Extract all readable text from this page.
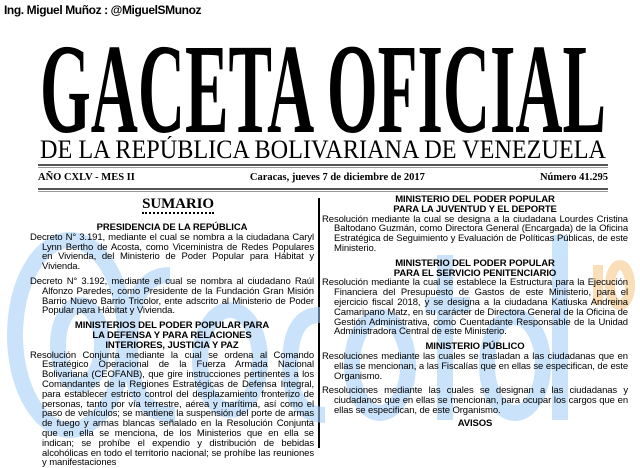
Ing. Miguel Muñoz : @MiguelSMunoz
GACETA OFICIAL
DE LA REPÚBLICA BOLIVARIANA DE VENEZUELA
AÑO CXLV - MES II	Caracas, jueves 7 de diciembre de 2017	Número 41.295
SUMARIO
PRESIDENCIA DE LA REPÚBLICA

Decreto N° 3.191, mediante el cual se nombra a la ciudadana Caryl Lynn Bertho de Acosta, como Viceministra de Redes Populares en Vivienda, del Ministerio de Poder Popular para Hábitat y Vivienda.

Decreto N° 3.192, mediante el cual se nombra al ciudadano Raúl Alfonzo Paredes, como Presidente de la Fundación Gran Misión Barrio Nuevo Barrio Tricolor, ente adscrito al Ministerio de Poder Popular para Hábitat y Vivienda.

MINISTERIOS DEL PODER POPULAR PARA LA DEFENSA Y PARA RELACIONES INTERIORES, JUSTICIA Y PAZ

Resolución Conjunta mediante la cual se ordena al Comando Estratégico Operacional de la Fuerza Armada Nacional Bolivariana (CEOFANB), que gire instrucciones pertinentes a los Comandantes de la Regiones Estratégicas de Defensa Integral, para establecer estricto control del desplazamiento fronterizo de personas, tanto por vía terrestre, aérea y marítima, así como el paso de vehículos; se mantiene la suspensión del porte de armas de fuego y armas blancas señalado en la Resolución Conjunta que en ella se menciona, de los Ministerios que en ella se indican; se prohíbe el expendio y distribución de bebidas alcohólicas en todo el territorio nacional; se prohíbe las reuniones y manifestaciones

MINISTERIO DEL PODER POPULAR PARA LA JUVENTUD Y EL DEPORTE

Resolución mediante la cual se designa a la ciudadana Lourdes Cristina Baltodano Guzmán, como Directora General (Encargada) de la Oficina Estratégica de Seguimiento y Evaluación de Políticas Públicas, de este Ministerio.

MINISTERIO DEL PODER POPULAR PARA EL SERVICIO PENITENCIARIO

Resolución mediante la cual se establece la Estructura para la Ejecución Financiera del Presupuesto de Gastos de este Ministerio, para el ejercicio fiscal 2018, y se designa a la ciudadana Katiuska Andreina Camaripano Matz, en su carácter de Directora General de la Oficina de Gestión Administrativa, como Cuentadante Responsable de la Unidad Administradora Central de este Ministerio.

MINISTERIO PÚBLICO

Resoluciones mediante las cuales se trasladan a las ciudadanas que en ellas se mencionan, a las Fiscalías que en ellas se especifican, de este Organismo.

Resoluciones mediante las cuales se designan a las ciudadanas y ciudadanos que en ellas se mencionan, para ocupar los cargos que en ellas se especifican, de este Organismo.

AVISOS
